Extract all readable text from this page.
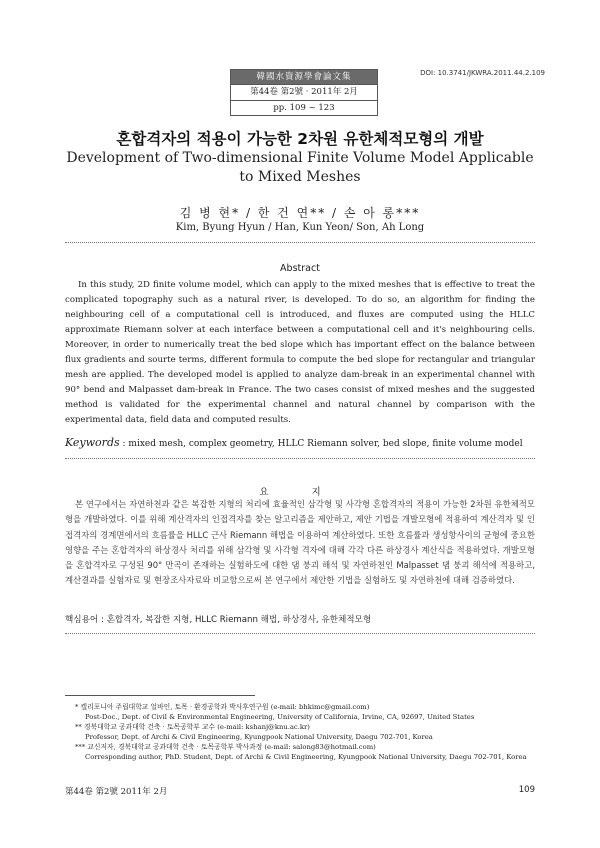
韓國水資源學會論文集
第44卷 第2號 · 2011年 2月
pp. 109 ~ 123
DOI: 10.3741/JKWRA.2011.44.2.109
혼합격자의 적용이 가능한 2차원 유한체적모형의 개발
Development of Two-dimensional Finite Volume Model Applicable to Mixed Meshes
김 병 현* / 한 건 연** / 손 아 롱***
Kim, Byung Hyun / Han, Kun Yeon/ Son, Ah Long
Abstract
In this study, 2D finite volume model, which can apply to the mixed meshes that is effective to treat the complicated topography such as a natural river, is developed. To do so, an algorithm for finding the neighbouring cell of a computational cell is introduced, and fluxes are computed using the HLLC approximate Riemann solver at each interface between a computational cell and it's neighbouring cells. Moreover, in order to numerically treat the bed slope which has important effect on the balance between flux gradients and sourte terms, different formula to compute the bed slope for rectangular and triangular mesh are applied. The developed model is applied to analyze dam-break in an experimental channel with 90° bend and Malpasset dam-break in France. The two cases consist of mixed meshes and the suggested method is validated for the experimental channel and natural channel by comparison with the experimental data, field data and computed results.
Keywords : mixed mesh, complex geometry, HLLC Riemann solver, bed slope, finite volume model
요 지
본 연구에서는 자연하천과 같은 복잡한 지형의 처리에 효율적인 삼각형 및 사각형 혼합격자의 적용이 가능한 2차원 유한체적모형을 개발하였다. 이를 위해 계산격자의 인접격자를 찾는 알고리즘을 제안하고, 제안 기법을 개발모형에 적용하여 계산격자 및 인접격자의 경계면에서의 흐름률을 HLLC 근사 Riemann 해법을 이용하여 계산하였다. 또한 흐름률과 생성항사이의 균형에 중요한 영향을 주는 혼합격자의 하상경사 처리를 위해 삼각형 및 사각형 격자에 대해 각각 다른 하상경사 계산식을 적용하였다. 개발모형을 혼합격자로 구성된 90° 만곡이 존재하는 실험하도에 대한 댐 붕괴 해석 및 자연하천인 Malpasset 댐 붕괴 해석에 적용하고, 계산결과를 실험자료 및 현장조사자료와 비교함으로써 본 연구에서 제안한 기법을 실험하도 및 자연하천에 대해 검증하였다.
핵심용어 : 혼합격자, 복잡한 지형, HLLC Riemann 해법, 하상경사, 유한체적모형
* 캘리포니아 주립대학교 얼바인, 토목 · 환경공학과 박사후연구원 (e-mail: bhkimc@gmail.com)
Post-Doc., Dept. of Civil & Environmental Engineering, University of California, Irvine, CA, 92697, United States
** 경북대학교 공과대학 건축 · 토목공학부 교수 (e-mail: kshanj@knu.ac.kr)
Professor, Dept. of Archi & Civil Engineering, Kyungpook National University, Daegu 702-701, Korea
*** 교신저자, 경북대학교 공과대학 건축 · 토목공학부 박사과정 (e-mail: salong83@hotmail.com)
Corresponding author, PhD. Student, Dept. of Archi & Civil Engineering, Kyungpook National University, Daegu 702-701, Korea
第44卷 第2號 2011年 2月	109
